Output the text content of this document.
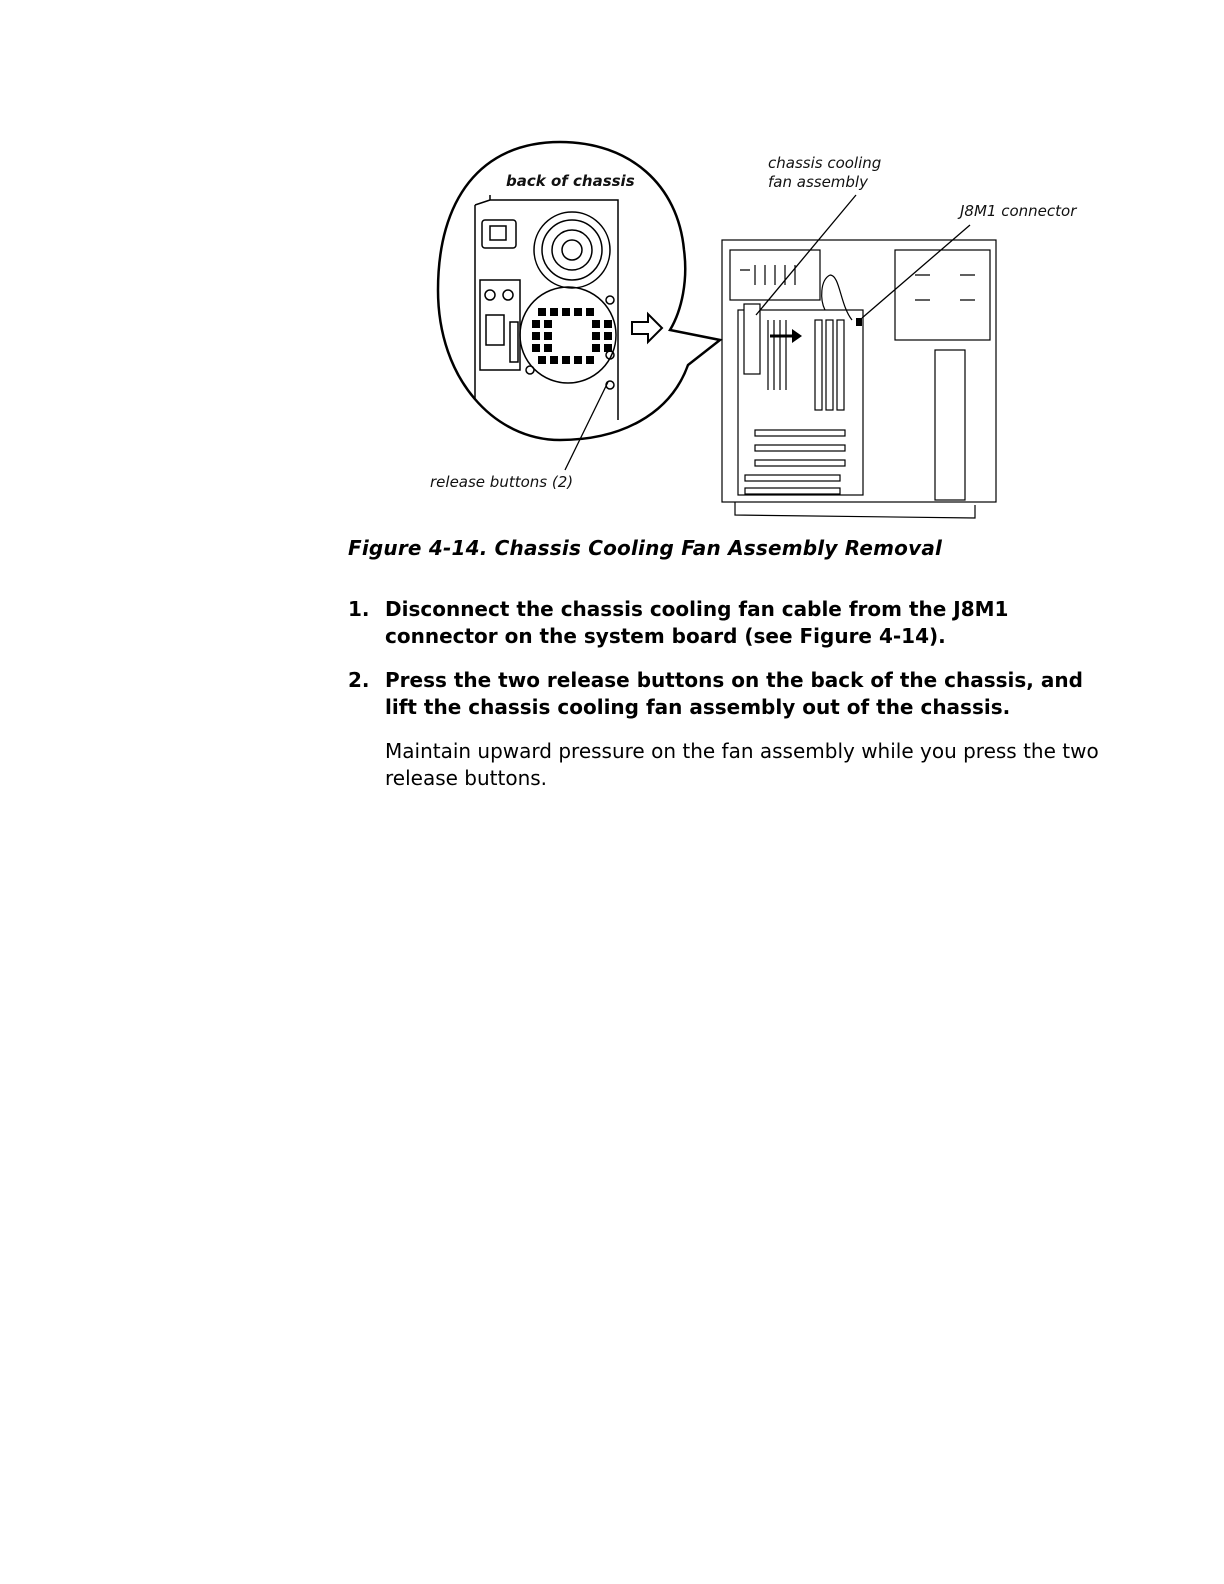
back of chassis
chassis cooling
fan assembly
J8M1 connector
release buttons (2)
Figure 4-14. Chassis Cooling Fan Assembly Removal
1. Disconnect the chassis cooling fan cable from the J8M1 connector on the system board (see Figure 4-14).
2. Press the two release buttons on the back of the chassis, and lift the chassis cooling fan assembly out of the chassis.
Maintain upward pressure on the fan assembly while you press the two release buttons.
